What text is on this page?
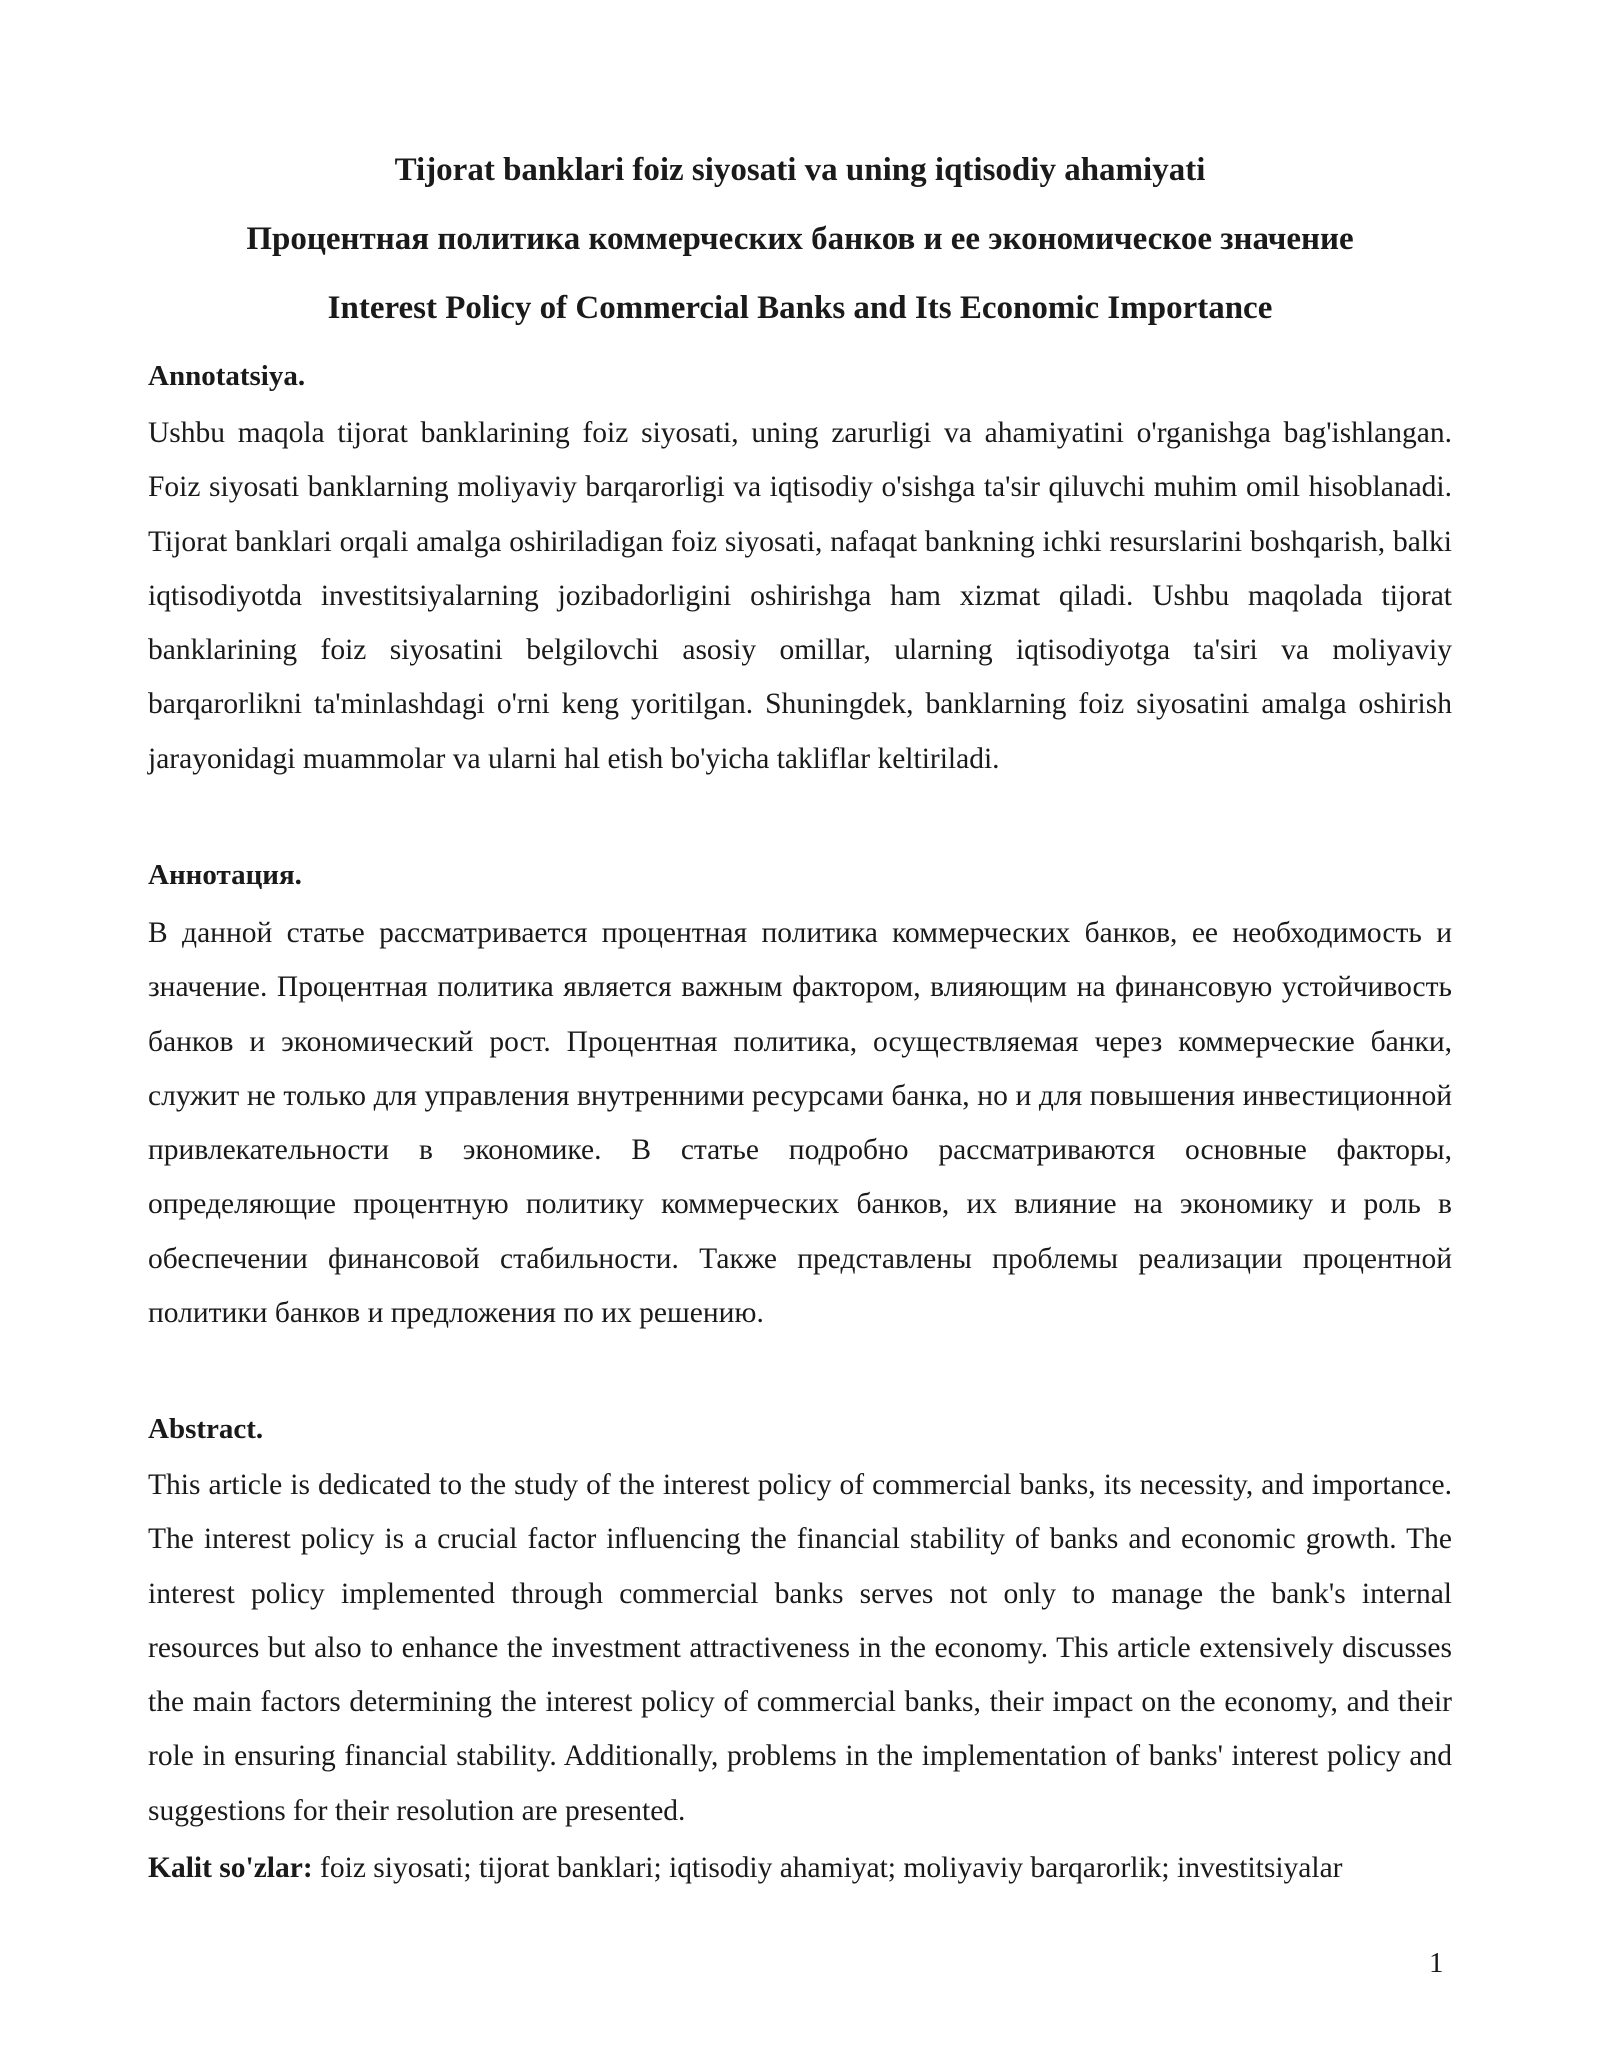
Tijorat banklari foiz siyosati va uning iqtisodiy ahamiyati
Процентная политика коммерческих банков и ее экономическое значение
Interest Policy of Commercial Banks and Its Economic Importance
Annotatsiya.

Ushbu maqola tijorat banklarining foiz siyosati, uning zarurligi va ahamiyatini o'rganishga bag'ishlangan. Foiz siyosati banklarning moliyaviy barqarorligi va iqtisodiy o'sishga ta'sir qiluvchi muhim omil hisoblanadi. Tijorat banklari orqali amalga oshiriladigan foiz siyosati, nafaqat bankning ichki resurslarini boshqarish, balki iqtisodiyotda investitsiyalarning jozibadorligini oshirishga ham xizmat qiladi. Ushbu maqolada tijorat banklarining foiz siyosatini belgilovchi asosiy omillar, ularning iqtisodiyotga ta'siri va moliyaviy barqarorlikni ta'minlashdagi o'rni keng yoritilgan. Shuningdek, banklarning foiz siyosatini amalga oshirish jarayonidagi muammolar va ularni hal etish bo'yicha takliflar keltiriladi.

Аннотация.

В данной статье рассматривается процентная политика коммерческих банков, ее необходимость и значение. Процентная политика является важным фактором, влияющим на финансовую устойчивость банков и экономический рост. Процентная политика, осуществляемая через коммерческие банки, служит не только для управления внутренними ресурсами банка, но и для повышения инвестиционной привлекательности в экономике. В статье подробно рассматриваются основные факторы, определяющие процентную политику коммерческих банков, их влияние на экономику и роль в обеспечении финансовой стабильности. Также представлены проблемы реализации процентной политики банков и предложения по их решению.

Abstract.

This article is dedicated to the study of the interest policy of commercial banks, its necessity, and importance. The interest policy is a crucial factor influencing the financial stability of banks and economic growth. The interest policy implemented through commercial banks serves not only to manage the bank's internal resources but also to enhance the investment attractiveness in the economy. This article extensively discusses the main factors determining the interest policy of commercial banks, their impact on the economy, and their role in ensuring financial stability. Additionally, problems in the implementation of banks' interest policy and suggestions for their resolution are presented.

Kalit so'zlar: foiz siyosati; tijorat banklari; iqtisodiy ahamiyat; moliyaviy barqarorlik; investitsiyalar

1
